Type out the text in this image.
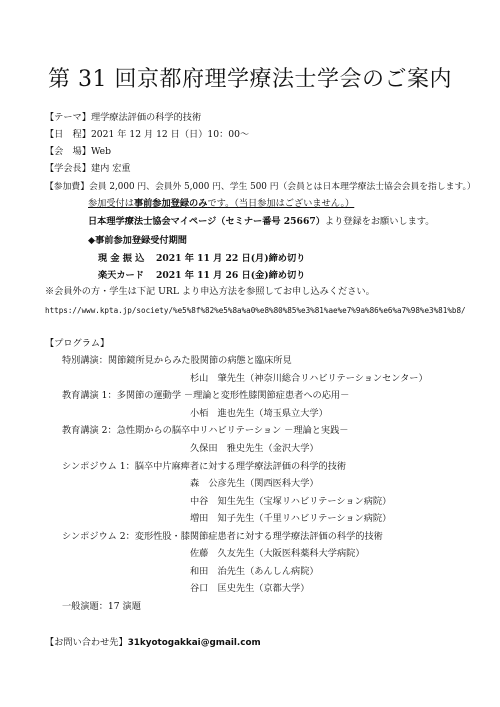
第 31 回京都府理学療法士学会のご案内
【テーマ】理学療法評価の科学的技術
【日　程】2021 年 12 月 12 日（日）10：00～
【会　場】Web
【学会長】建内 宏重
【参加費】会員 2,000 円、会員外 5,000 円、学生 500 円（会員とは日本理学療法士協会会員を指します。）
参加受付は事前参加登録のみです。（当日参加はございません。）
日本理学療法士協会マイページ（セミナー番号 25667）より登録をお願いします。
◆事前参加登録受付期間
現 金 振 込 2021 年 11 月 22 日(月)締め切り
楽天カード 2021 年 11 月 26 日(金)締め切り
※会員外の方・学生は下記 URL より申込方法を参照してお申し込みください。
https://www.kpta.jp/society/%e5%8f%82%e5%8a%a0%e8%80%85%e3%81%ae%e7%9a%86%e6%a7%98%e3%81%b8/
【プログラム】
特別講演：関節鏡所見からみた股関節の病態と臨床所見
杉山　肇先生（神奈川総合リハビリテーションセンター）
教育講演 1：多関節の運動学 －理論と変形性膝関節症患者への応用－
小栢　進也先生（埼玉県立大学）
教育講演 2：急性期からの脳卒中リハビリテーション －理論と実践－
久保田　雅史先生（金沢大学）
シンポジウム 1：脳卒中片麻痺者に対する理学療法評価の科学的技術
森　公彦先生（関西医科大学）
中谷　知生先生（宝塚リハビリテーション病院）
増田　知子先生（千里リハビリテーション病院）
シンポジウム 2：変形性股・膝関節症患者に対する理学療法評価の科学的技術
佐藤　久友先生（大阪医科薬科大学病院）
和田　治先生（あんしん病院）
谷口　匡史先生（京都大学）
一般演題：17 演題
【お問い合わせ先】31kyotogakkai@gmail.com
